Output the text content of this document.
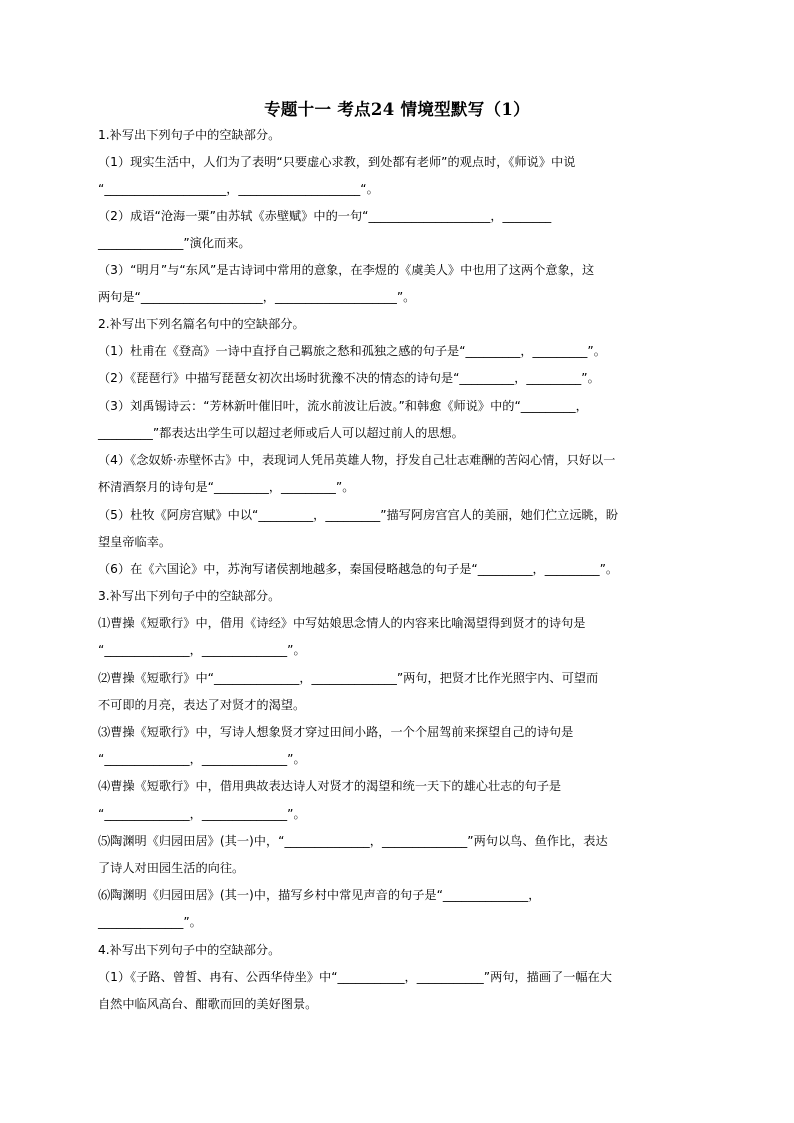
专题十一 考点24 情境型默写（1）
1.补写出下列句子中的空缺部分。
（1）现实生活中，人们为了表明“只要虚心求教，到处都有老师”的观点时，《师说》中说
“____________________，____________________“。
（2）成语“沧海一粟”由苏轼《赤壁赋》中的一句“____________________，________
______________”演化而来。
（3）“明月”与“东风”是古诗词中常用的意象，在李煜的《虞美人》中也用了这两个意象，这
两句是“____________________，____________________”。
2.补写出下列名篇名句中的空缺部分。
（1）杜甫在《登高》一诗中直抒自己羁旅之愁和孤独之感的句子是“_________，_________”。
（2）《琵琶行》中描写琵琶女初次出场时犹豫不决的情态的诗句是“_________，_________”。
（3）刘禹锡诗云：“芳林新叶催旧叶，流水前波让后波。”和韩愈《师说》中的“_________，
_________”都表达出学生可以超过老师或后人可以超过前人的思想。
（4）《念奴娇·赤壁怀古》中，表现词人凭吊英雄人物，抒发自己壮志难酬的苦闷心情，只好以一
杯清酒祭月的诗句是“_________，_________”。
（5）杜牧《阿房宫赋》中以“_________，_________”描写阿房宫宫人的美丽，她们伫立远眺，盼
望皇帝临幸。
（6）在《六国论》中，苏洵写诸侯割地越多，秦国侵略越急的句子是“_________，_________”。
3.补写出下列句子中的空缺部分。
⑴曹操《短歌行》中，借用《诗经》中写姑娘思念情人的内容来比喻渴望得到贤才的诗句是
“______________，______________”。
⑵曹操《短歌行》中“______________，______________”两句，把贤才比作光照宇内、可望而
不可即的月亮，表达了对贤才的渴望。
⑶曹操《短歌行》中，写诗人想象贤才穿过田间小路，一个个屈驾前来探望自己的诗句是
“______________，______________”。
⑷曹操《短歌行》中，借用典故表达诗人对贤才的渴望和统一天下的雄心壮志的句子是
“______________，______________”。
⑸陶渊明《归园田居》(其一)中，“______________，______________”两句以鸟、鱼作比，表达
了诗人对田园生活的向往。
⑹陶渊明《归园田居》(其一)中，描写乡村中常见声音的句子是“______________，
______________”。
4.补写出下列句子中的空缺部分。
（1）《子路、曾皙、冉有、公西华侍坐》中“___________，___________”两句，描画了一幅在大
自然中临风高台、酣歌而回的美好图景。
